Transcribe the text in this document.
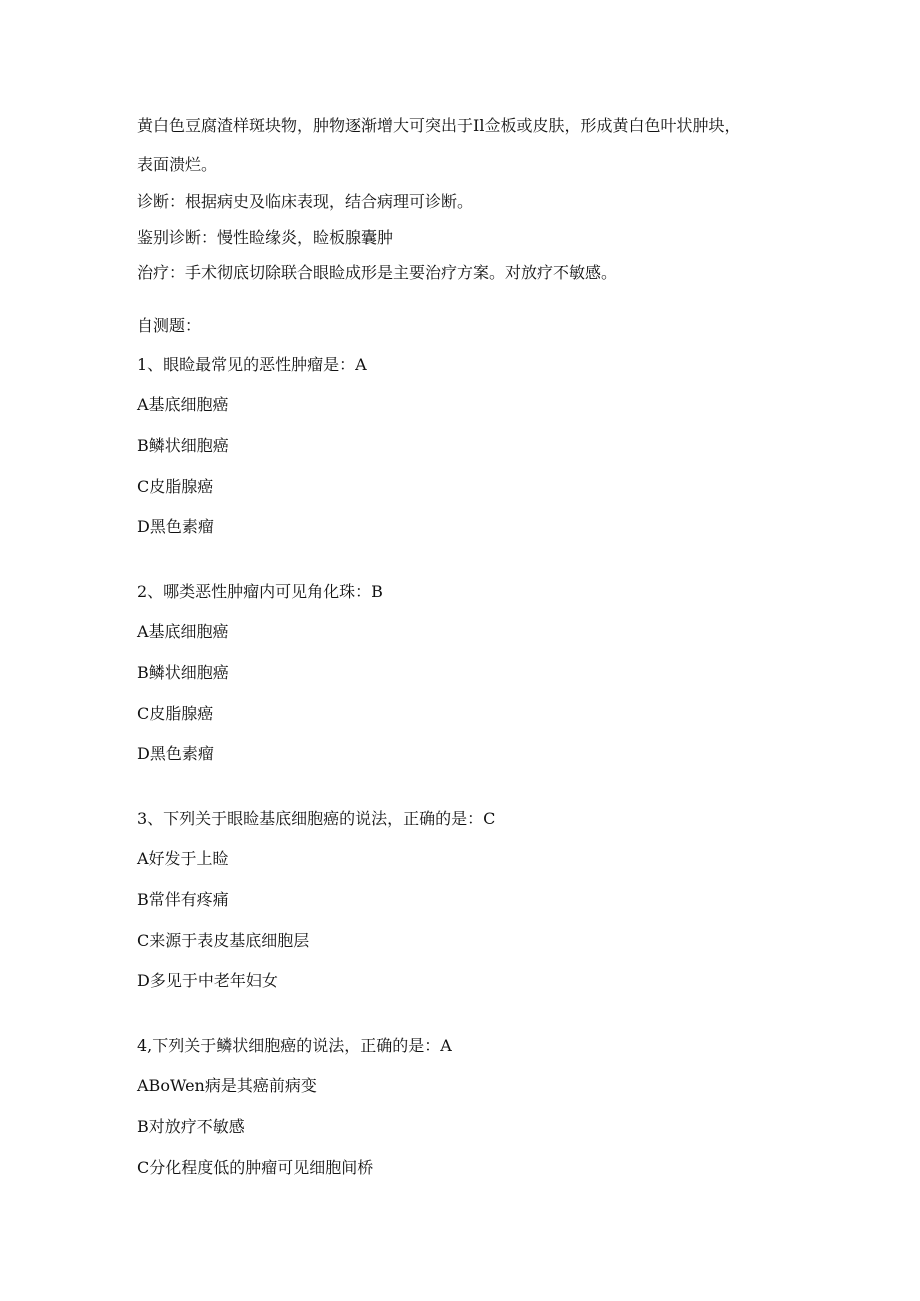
黄白色豆腐渣样斑块物，肿物逐渐增大可突出于Il佥板或皮肤，形成黄白色叶状肿块，
表面溃烂。
诊断：根据病史及临床表现，结合病理可诊断。
鉴别诊断：慢性睑缘炎，睑板腺囊肿
治疗：手术彻底切除联合眼睑成形是主要治疗方案。对放疗不敏感。
自测题：
1、眼睑最常见的恶性肿瘤是：A
A基底细胞癌
B鳞状细胞癌
C皮脂腺癌
D黑色素瘤
2、哪类恶性肿瘤内可见角化珠：B
A基底细胞癌
B鳞状细胞癌
C皮脂腺癌
D黑色素瘤
3、下列关于眼睑基底细胞癌的说法，正确的是：C
A好发于上睑
B常伴有疼痛
C来源于表皮基底细胞层
D多见于中老年妇女
4,下列关于鳞状细胞癌的说法，正确的是：A
ABoWen病是其癌前病变
B对放疗不敏感
C分化程度低的肿瘤可见细胞间桥
